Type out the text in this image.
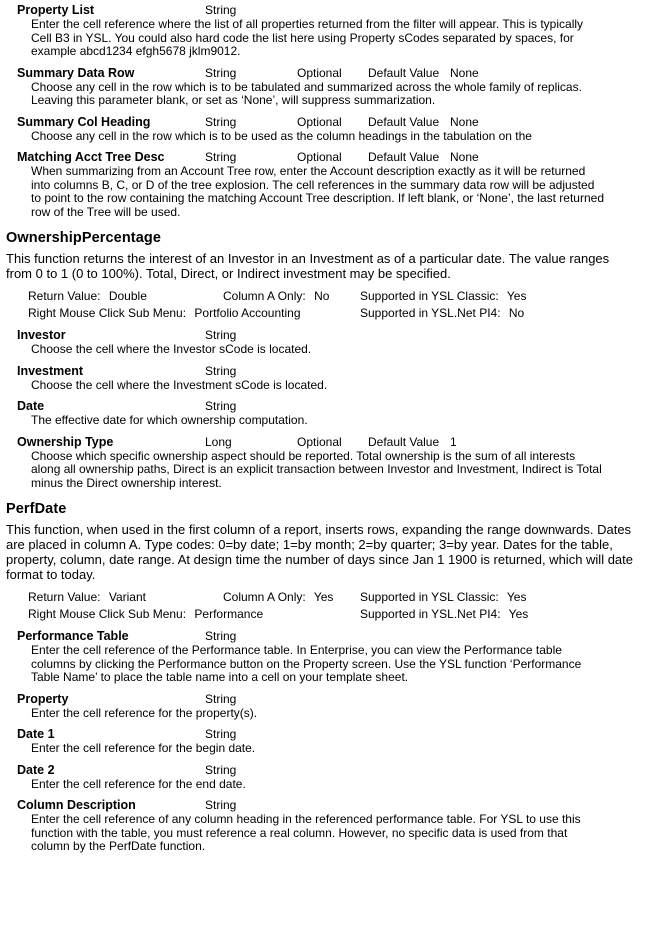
Property List	String
Enter the cell reference where the list of all properties returned from the filter will appear. This is typically Cell B3 in YSL. You could also hard code the list here using Property sCodes separated by spaces, for example abcd1234 efgh5678 jklm9012.
Summary Data Row	String	Optional Default Value None
Choose any cell in the row which is to be tabulated and summarized across the whole family of replicas. Leaving this parameter blank, or set as ‘None’, will suppress summarization.
Summary Col Heading	String	Optional Default Value None
Choose any cell in the row which is to be used as the column headings in the tabulation on the
Matching Acct Tree Desc	String	Optional Default Value None
When summarizing from an Account Tree row, enter the Account description exactly as it will be returned into columns B, C, or D of the tree explosion. The cell references in the summary data row will be adjusted to point to the row containing the matching Account Tree description. If left blank, or ‘None’, the last returned row of the Tree will be used.
OwnershipPercentage

This function returns the interest of an Investor in an Investment as of a particular date. The value ranges from 0 to 1 (0 to 100%). Total, Direct, or Indirect investment may be specified.

Return Value: Double	Column A Only: No	Supported in YSL Classic: Yes
Right Mouse Click Sub Menu: Portfolio Accounting	Supported in YSL.Net PI4: No
Investor	String
Choose the cell where the Investor sCode is located.
Investment	String
Choose the cell where the Investment sCode is located.
Date	String
The effective date for which ownership computation.
Ownership Type	Long	Optional Default Value 1
Choose which specific ownership aspect should be reported. Total ownership is the sum of all interests along all ownership paths, Direct is an explicit transaction between Investor and Investment, Indirect is Total minus the Direct ownership interest.
PerfDate

This function, when used in the first column of a report, inserts rows, expanding the range downwards. Dates are placed in column A. Type codes: 0=by date; 1=by month; 2=by quarter; 3=by year. Dates for the table, property, column, date range. At design time the number of days since Jan 1 1900 is returned, which will date format to today.

Return Value: Variant	Column A Only: Yes Supported in YSL Classic: Yes
Right Mouse Click Sub Menu: Performance	Supported in YSL.Net PI4: Yes
Performance Table	String
Enter the cell reference of the Performance table. In Enterprise, you can view the Performance table columns by clicking the Performance button on the Property screen. Use the YSL function ‘Performance Table Name’ to place the table name into a cell on your template sheet.
Property	String
Enter the cell reference for the property(s).
Date 1	String
Enter the cell reference for the begin date.
Date 2	String
Enter the cell reference for the end date.
Column Description	String
Enter the cell reference of any column heading in the referenced performance table. For YSL to use this function with the table, you must reference a real column. However, no specific data is used from that column by the PerfDate function.
